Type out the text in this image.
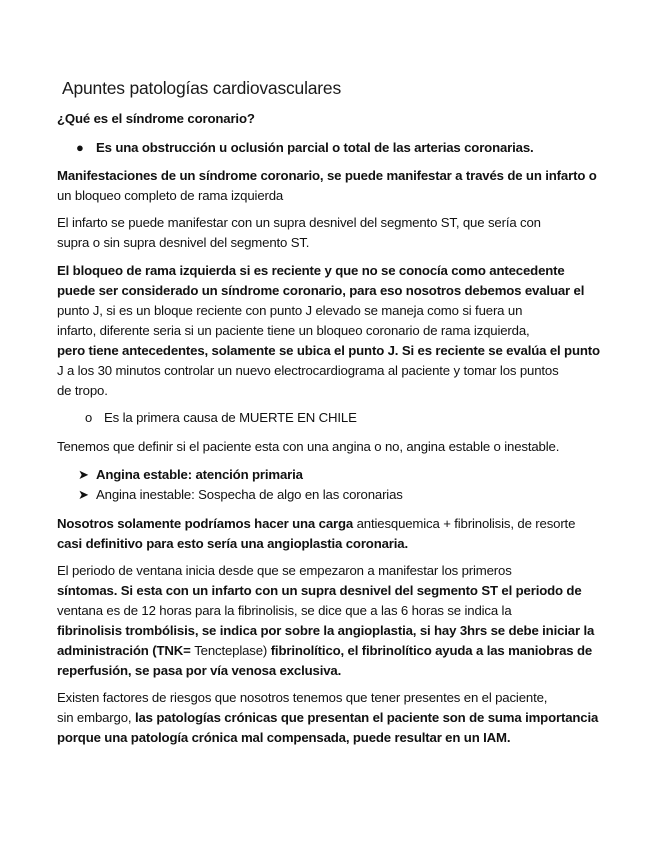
Apuntes patologías cardiovasculares
¿Qué es el síndrome coronario?
● Es una obstrucción u oclusión parcial o total de las arterias coronarias.
Manifestaciones de un síndrome coronario, se puede manifestar a través de un infarto o
un bloqueo completo de rama izquierda
El infarto se puede manifestar con un supra desnivel del segmento ST, que sería con
supra o sin supra desnivel del segmento ST.
El bloqueo de rama izquierda si es reciente y que no se conocía como antecedente
puede ser considerado un síndrome coronario, para eso nosotros debemos evaluar el
punto J, si es un bloque reciente con punto J elevado se maneja como si fuera un
infarto, diferente seria si un paciente tiene un bloqueo coronario de rama izquierda,
pero tiene antecedentes, solamente se ubica el punto J. Si es reciente se evalúa el punto
J a los 30 minutos controlar un nuevo electrocardiograma al paciente y tomar los puntos
de tropo.
o Es la primera causa de MUERTE EN CHILE
Tenemos que definir si el paciente esta con una angina o no, angina estable o inestable.
➤ Angina estable: atención primaria
➤ Angina inestable: Sospecha de algo en las coronarias
Nosotros solamente podríamos hacer una carga antiesquemica + fibrinolisis, de resorte
casi definitivo para esto sería una angioplastia coronaria.
El periodo de ventana inicia desde que se empezaron a manifestar los primeros
síntomas. Si esta con un infarto con un supra desnivel del segmento ST el periodo de
ventana es de 12 horas para la fibrinolisis, se dice que a las 6 horas se indica la
fibrinolisis trombólisis, se indica por sobre la angioplastia, si hay 3hrs se debe iniciar la
administración (TNK= Tencteplase) fibrinolítico, el fibrinolítico ayuda a las maniobras de
reperfusión, se pasa por vía venosa exclusiva.
Existen factores de riesgos que nosotros tenemos que tener presentes en el paciente,
sin embargo, las patologías crónicas que presentan el paciente son de suma importancia
porque una patología crónica mal compensada, puede resultar en un IAM.
